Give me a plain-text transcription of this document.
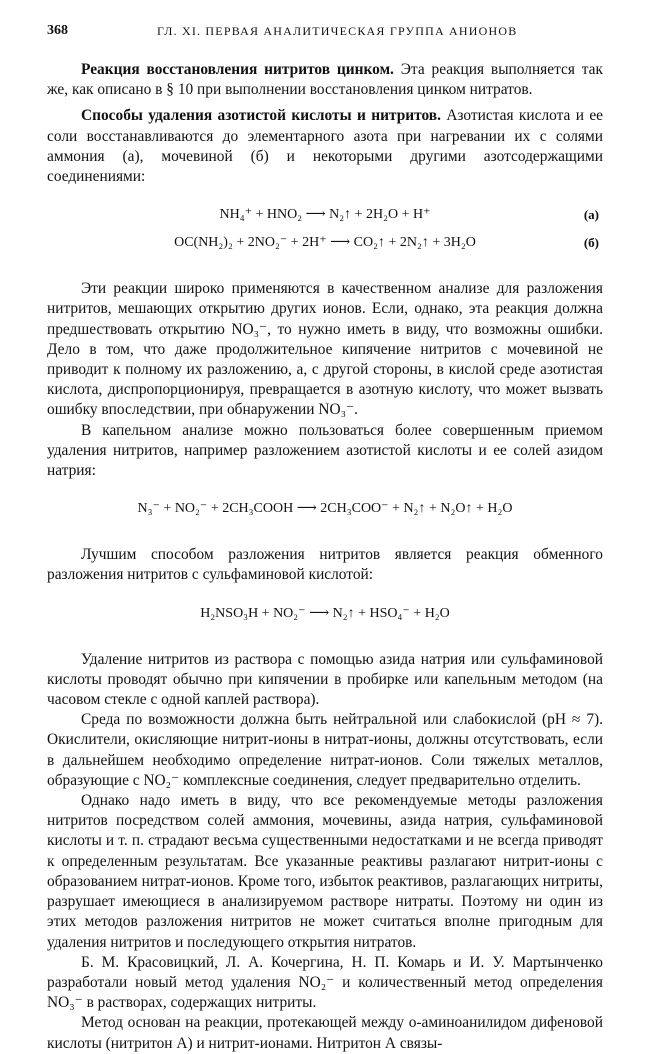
368	ГЛ. XI. ПЕРВАЯ АНАЛИТИЧЕСКАЯ ГРУППА АНИОНОВ

Реакция восстановления нитритов цинком. Эта реакция выполняется так же, как описано в § 10 при выполнении восстановления цинком нитратов.

Способы удаления азотистой кислоты и нитритов. Азотистая кислота и ее соли восстанавливаются до элементарного азота при нагревании их с солями аммония (а), мочевиной (б) и некоторыми другими азотсодержащими соединениями:

NH₄⁺ + HNO₂ ⟶ N₂↑ + 2H₂O + H⁺	(а)
OC(NH₂)₂ + 2NO₂⁻ + 2H⁺ ⟶ CO₂↑ + 2N₂↑ + 3H₂O	(б)

Эти реакции широко применяются в качественном анализе для разложения нитритов, мешающих открытию других ионов. Если, однако, эта реакция должна предшествовать открытию NO₃⁻, то нужно иметь в виду, что возможны ошибки. Дело в том, что даже продолжительное кипячение нитритов с мочевиной не приводит к полному их разложению, а, с другой стороны, в кислой среде азотистая кислота, диспропорционируя, превращается в азотную кислоту, что может вызвать ошибку впоследствии, при обнаружении NO₃⁻.

В капельном анализе можно пользоваться более совершенным приемом удаления нитритов, например разложением азотистой кислоты и ее солей азидом натрия:

N₃⁻ + NO₂⁻ + 2CH₃COOH ⟶ 2CH₃COO⁻ + N₂↑ + N₂O↑ + H₂O

Лучшим способом разложения нитритов является реакция обменного разложения нитритов с сульфаминовой кислотой:

H₂NSO₃H + NO₂⁻ ⟶ N₂↑ + HSO₄⁻ + H₂O

Удаление нитритов из раствора с помощью азида натрия или сульфаминовой кислоты проводят обычно при кипячении в пробирке или капельным методом (на часовом стекле с одной каплей раствора).

Среда по возможности должна быть нейтральной или слабокислой (pH ≈ 7). Окислители, окисляющие нитрит-ионы в нитрат-ионы, должны отсутствовать, если в дальнейшем необходимо определение нитрат-ионов. Соли тяжелых металлов, образующие с NO₂⁻ комплексные соединения, следует предварительно отделить.

Однако надо иметь в виду, что все рекомендуемые методы разложения нитритов посредством солей аммония, мочевины, азида натрия, сульфаминовой кислоты и т. п. страдают весьма существенными недостатками и не всегда приводят к определенным результатам. Все указанные реактивы разлагают нитрит-ионы с образованием нитрат-ионов. Кроме того, избыток реактивов, разлагающих нитриты, разрушает имеющиеся в анализируемом растворе нитраты. Поэтому ни один из этих методов разложения нитритов не может считаться вполне пригодным для удаления нитритов и последующего открытия нитратов.

Б. М. Красовицкий, Л. А. Кочергина, Н. П. Комарь и И. У. Мартынченко разработали новый метод удаления NO₂⁻ и количественный метод определения NO₃⁻ в растворах, содержащих нитриты.

Метод основан на реакции, протекающей между о-аминоанилидом дифеновой кислоты (нитритон А) и нитрит-ионами. Нитритон А связы-
